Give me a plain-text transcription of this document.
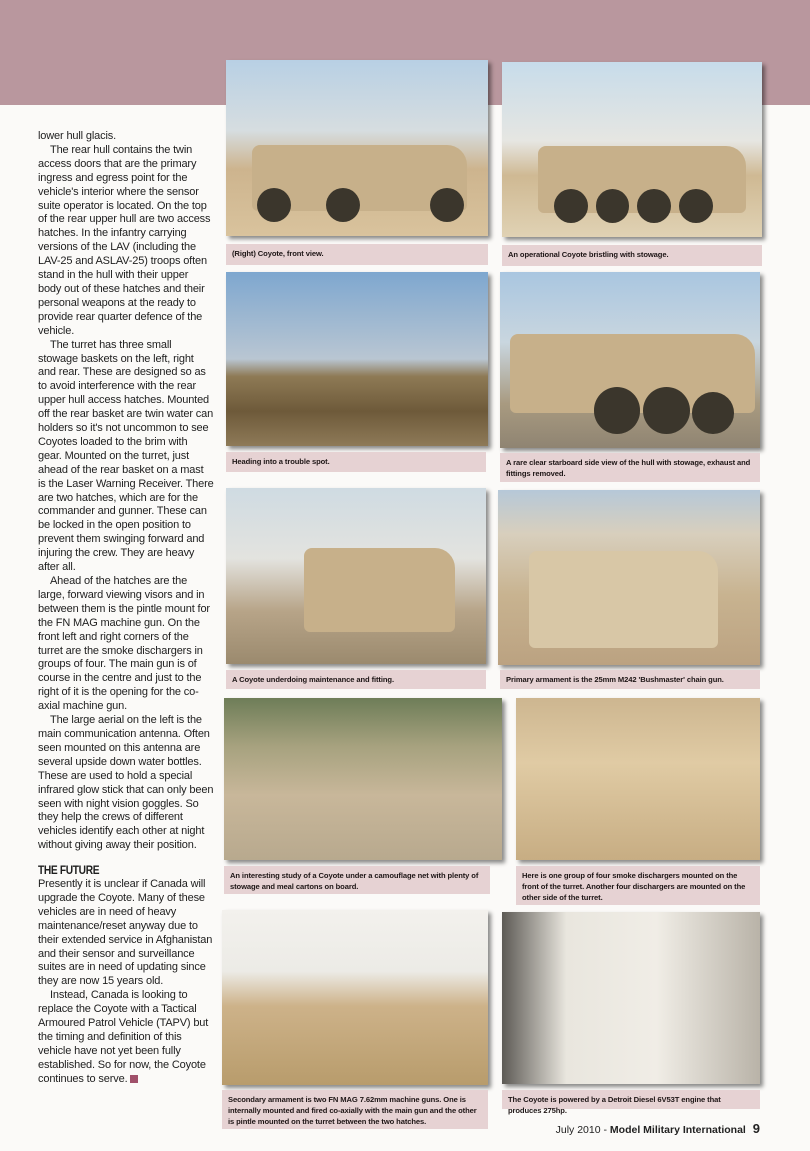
lower hull glacis.

The rear hull contains the twin access doors that are the primary ingress and egress point for the vehicle's interior where the sensor suite operator is located. On the top of the rear upper hull are two access hatches. In the infantry carrying versions of the LAV (including the LAV-25 and ASLAV-25) troops often stand in the hull with their upper body out of these hatches and their personal weapons at the ready to provide rear quarter defence of the vehicle.

The turret has three small stowage baskets on the left, right and rear. These are designed so as to avoid interference with the rear upper hull access hatches. Mounted off the rear basket are twin water can holders so it's not uncommon to see Coyotes loaded to the brim with gear. Mounted on the turret, just ahead of the rear basket on a mast is the Laser Warning Receiver. There are two hatches, which are for the commander and gunner. These can be locked in the open position to prevent them swinging forward and injuring the crew. They are heavy after all.

Ahead of the hatches are the large, forward viewing visors and in between them is the pintle mount for the FN MAG machine gun. On the front left and right corners of the turret are the smoke dischargers in groups of four. The main gun is of course in the centre and just to the right of it is the opening for the co-axial machine gun.

The large aerial on the left is the main communication antenna. Often seen mounted on this antenna are several upside down water bottles. These are used to hold a special infrared glow stick that can only been seen with night vision goggles. So they help the crews of different vehicles identify each other at night without giving away their position.

THE FUTURE

Presently it is unclear if Canada will upgrade the Coyote. Many of these vehicles are in need of heavy maintenance/reset anyway due to their extended service in Afghanistan and their sensor and surveillance suites are in need of updating since they are now 15 years old.

Instead, Canada is looking to replace the Coyote with a Tactical Armoured Patrol Vehicle (TAPV) but the timing and definition of this vehicle have not yet been fully established. So for now, the Coyote continues to serve.

(Right) Coyote, front view.	An operational Coyote bristling with stowage.
Heading into a trouble spot.	A rare clear starboard side view of the hull with stowage, exhaust and fittings removed.
A Coyote underdoing maintenance and fitting.	Primary armament is the 25mm M242 'Bushmaster' chain gun.
An interesting study of a Coyote under a camouflage net with plenty of stowage and meal cartons on board.
Here is one group of four smoke dischargers mounted on the front of the turret. Another four dischargers are mounted on the other side of the turret.
Secondary armament is two FN MAG 7.62mm machine guns. One is internally mounted and fired co-axially with the main gun and the other is pintle mounted on the turret between the two hatches.
The Coyote is powered by a Detroit Diesel 6V53T engine that produces 275hp.
July 2010 - Model Military International 9
